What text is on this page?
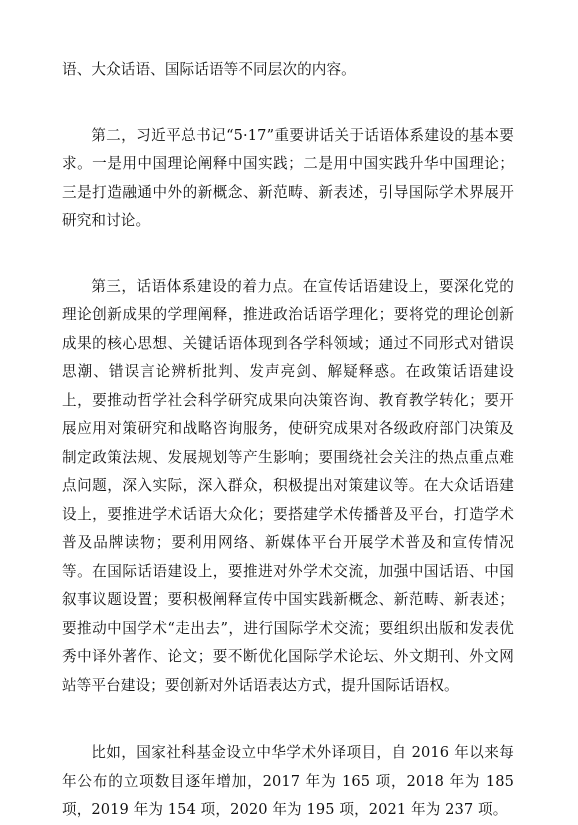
语、大众话语、国际话语等不同层次的内容。

第二，习近平总书记“5·17”重要讲话关于话语体系建设的基本要求。一是用中国理论阐释中国实践；二是用中国实践升华中国理论；三是打造融通中外的新概念、新范畴、新表述，引导国际学术界展开研究和讨论。

第三，话语体系建设的着力点。在宣传话语建设上，要深化党的理论创新成果的学理阐释，推进政治话语学理化；要将党的理论创新成果的核心思想、关键话语体现到各学科领域；通过不同形式对错误思潮、错误言论辨析批判、发声亮剑、解疑释惑。在政策话语建设上，要推动哲学社会科学研究成果向决策咨询、教育教学转化；要开展应用对策研究和战略咨询服务，使研究成果对各级政府部门决策及制定政策法规、发展规划等产生影响；要围绕社会关注的热点重点难点问题，深入实际，深入群众，积极提出对策建议等。在大众话语建设上，要推进学术话语大众化；要搭建学术传播普及平台，打造学术普及品牌读物；要利用网络、新媒体平台开展学术普及和宣传情况等。在国际话语建设上，要推进对外学术交流，加强中国话语、中国叙事议题设置；要积极阐释宣传中国实践新概念、新范畴、新表述；要推动中国学术“走出去”，进行国际学术交流；要组织出版和发表优秀中译外著作、论文；要不断优化国际学术论坛、外文期刊、外文网站等平台建设；要创新对外话语表达方式，提升国际话语权。

比如，国家社科基金设立中华学术外译项目，自 2016 年以来每年公布的立项数目逐年增加，2017 年为 165 项，2018 年为 185 项，2019 年为 154 项，2020 年为 195 项，2021 年为 237 项。
